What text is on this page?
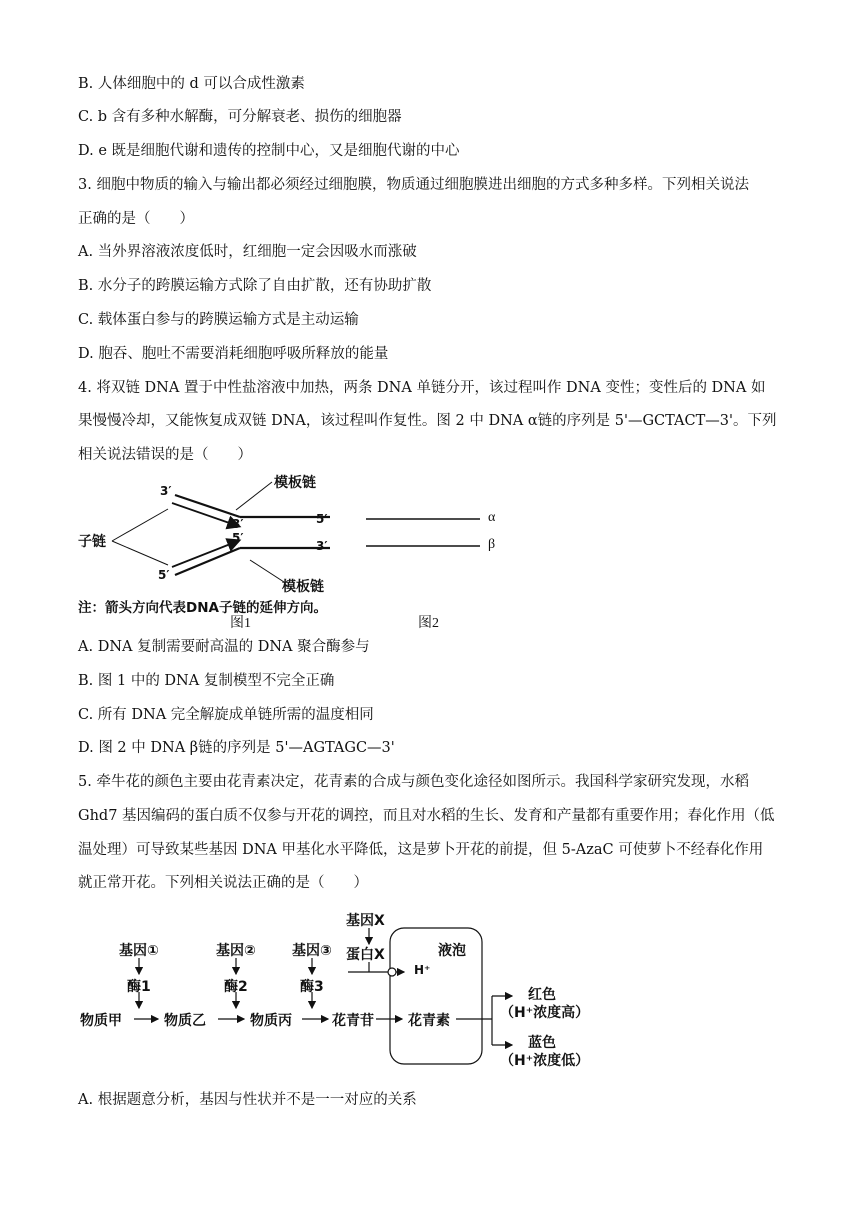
B. 人体细胞中的 d 可以合成性激素
C. b 含有多种水解酶，可分解衰老、损伤的细胞器
D. e 既是细胞代谢和遗传的控制中心，又是细胞代谢的中心
3. 细胞中物质的输入与输出都必须经过细胞膜，物质通过细胞膜进出细胞的方式多种多样。下列相关说法
正确的是（　　）
A. 当外界溶液浓度低时，红细胞一定会因吸水而涨破
B. 水分子的跨膜运输方式除了自由扩散，还有协助扩散
C. 载体蛋白参与的跨膜运输方式是主动运输
D. 胞吞、胞吐不需要消耗细胞呼吸所释放的能量
4. 将双链 DNA 置于中性盐溶液中加热，两条 DNA 单链分开，该过程叫作 DNA 变性；变性后的 DNA 如
果慢慢冷却，又能恢复成双链 DNA，该过程叫作复性。图 2 中 DNA α链的序列是 5'—GCTACT—3'。下列
相关说法错误的是（　　）
模板链
模板链
子链
3′
3′	5′
5′
3′
5′
注：箭头方向代表DNA子链的延伸方向。
图1
α
β
图2
A. DNA 复制需要耐高温的 DNA 聚合酶参与
B. 图 1 中的 DNA 复制模型不完全正确
C. 所有 DNA 完全解旋成单链所需的温度相同
D. 图 2 中 DNA β链的序列是 5'—AGTAGC—3'
5. 牵牛花的颜色主要由花青素决定，花青素的合成与颜色变化途径如图所示。我国科学家研究发现，水稻
Ghd7 基因编码的蛋白质不仅参与开花的调控，而且对水稻的生长、发育和产量都有重要作用；春化作用（低
温处理）可导致某些基因 DNA 甲基化水平降低，这是萝卜开花的前提，但 5-AzaC 可使萝卜不经春化作用
就正常开花。下列相关说法正确的是（　　）
基因①	基因②	基因③
基因X
酶1	酶2	酶3
蛋白X
H⁺
液泡
物质甲	物质乙	物质丙	花青苷 花青素
红色
（H⁺浓度高）
蓝色
（H⁺浓度低）
A. 根据题意分析，基因与性状并不是一一对应的关系
